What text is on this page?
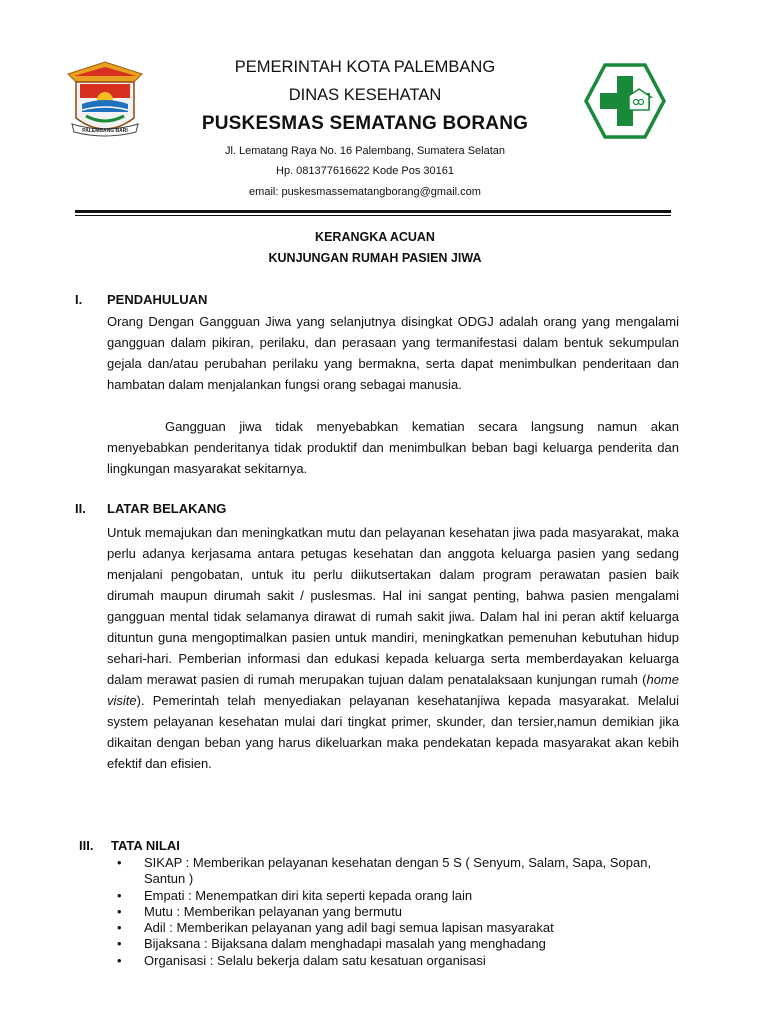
PALEMBANG BARI
PEMERINTAH KOTA PALEMBANG
DINAS KESEHATAN
PUSKESMAS SEMATANG BORANG
Jl. Lematang Raya No. 16 Palembang, Sumatera Selatan
Hp. 081377616622 Kode Pos 30161
email: puskesmassematangborang@gmail.com
KERANGKA ACUAN
KUNJUNGAN RUMAH PASIEN JIWA
I. PENDAHULUAN

Orang Dengan Gangguan Jiwa yang selanjutnya disingkat ODGJ adalah orang yang mengalami gangguan dalam pikiran, perilaku, dan perasaan yang termanifestasi dalam bentuk sekumpulan gejala dan/atau perubahan perilaku yang bermakna, serta dapat menimbulkan penderitaan dan hambatan dalam menjalankan fungsi orang sebagai manusia.

Gangguan jiwa tidak menyebabkan kematian secara langsung namun akan menyebabkan penderitanya tidak produktif dan menimbulkan beban bagi keluarga penderita dan lingkungan masyarakat sekitarnya.

II. LATAR BELAKANG

Untuk memajukan dan meningkatkan mutu dan pelayanan kesehatan jiwa pada masyarakat, maka perlu adanya kerjasama antara petugas kesehatan dan anggota keluarga pasien yang sedang menjalani pengobatan, untuk itu perlu diikutsertakan dalam program perawatan pasien baik dirumah maupun dirumah sakit / puslesmas. Hal ini sangat penting, bahwa pasien mengalami gangguan mental tidak selamanya dirawat di rumah sakit jiwa. Dalam hal ini peran aktif keluarga dituntun guna mengoptimalkan pasien untuk mandiri, meningkatkan pemenuhan kebutuhan hidup sehari-hari. Pemberian informasi dan edukasi kepada keluarga serta memberdayakan keluarga dalam merawat pasien di rumah merupakan tujuan dalam penatalaksaan kunjungan rumah (home visite). Pemerintah telah menyediakan pelayanan kesehatanjiwa kepada masyarakat. Melalui system pelayanan kesehatan mulai dari tingkat primer, skunder, dan tersier,namun demikian jika dikaitan dengan beban yang harus dikeluarkan maka pendekatan kepada masyarakat akan kebih efektif dan efisien.

III. TATA NILAI
• SIKAP : Memberikan pelayanan kesehatan dengan 5 S ( Senyum, Salam, Sapa, Sopan, Santun )
• Empati : Menempatkan diri kita seperti kepada orang lain
• Mutu : Memberikan pelayanan yang bermutu
• Adil : Memberikan pelayanan yang adil bagi semua lapisan masyarakat
• Bijaksana : Bijaksana dalam menghadapi masalah yang menghadang
• Organisasi : Selalu bekerja dalam satu kesatuan organisasi
